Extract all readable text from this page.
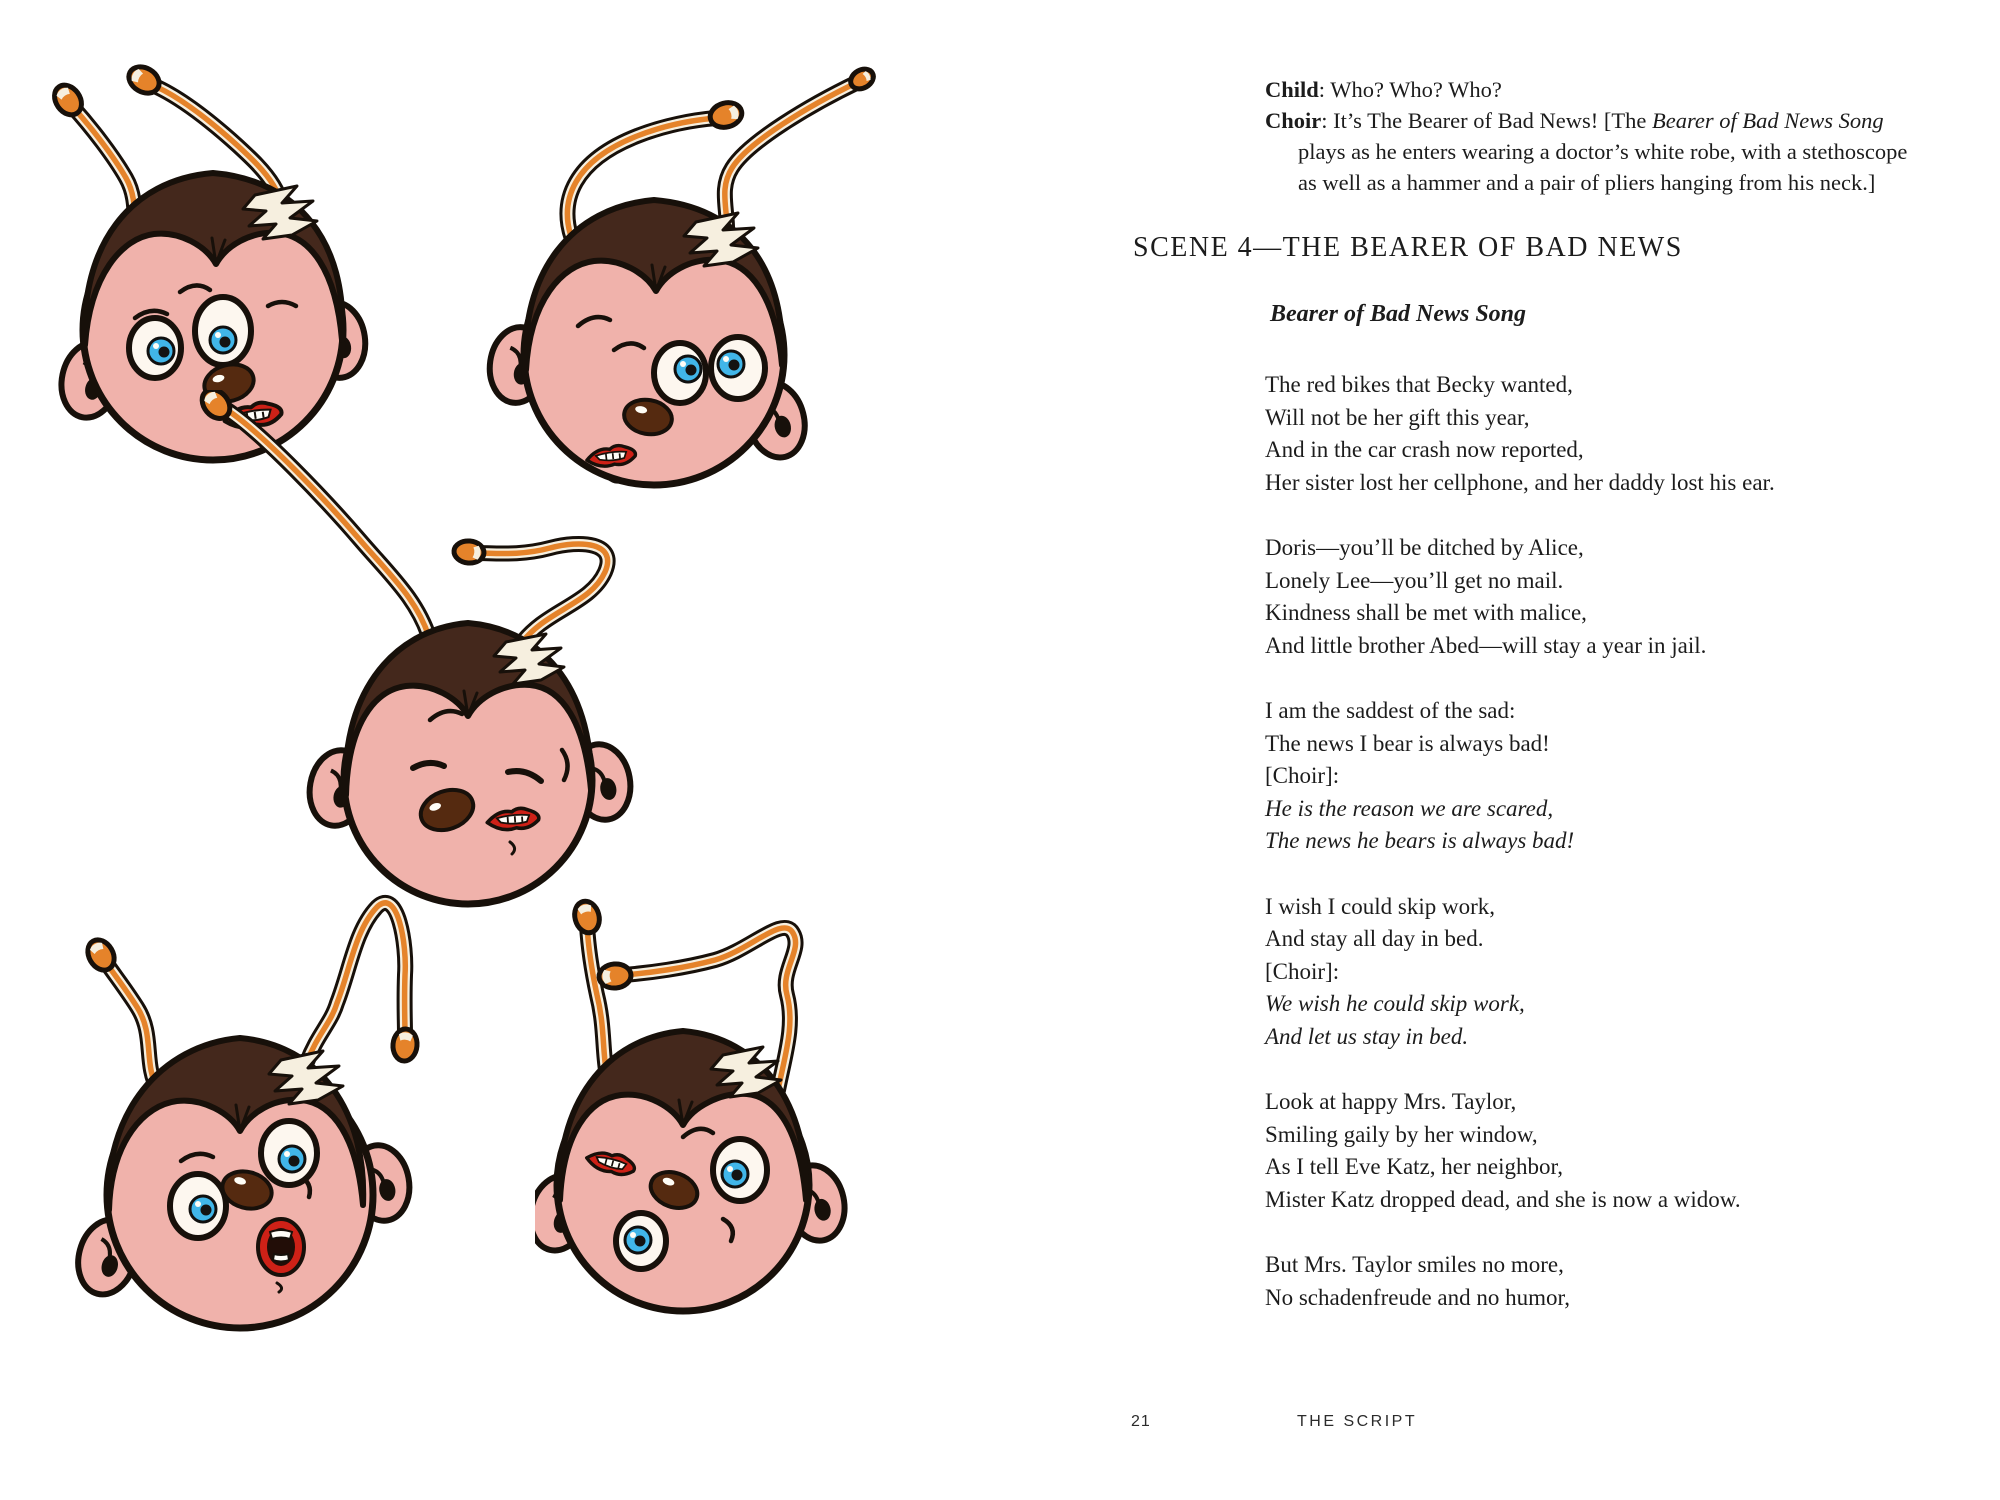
Child: Who? Who? Who?
Choir: It’s The Bearer of Bad News! [The Bearer of Bad News Song
plays as he enters wearing a doctor’s white robe, with a stethoscope
as well as a hammer and a pair of pliers hanging from his neck.]
SCENE 4—THE BEARER OF BAD NEWS
Bearer of Bad News Song
The red bikes that Becky wanted,
Will not be her gift this year,
And in the car crash now reported,
Her sister lost her cellphone, and her daddy lost his ear.
Doris—you’ll be ditched by Alice,
Lonely Lee—you’ll get no mail.
Kindness shall be met with malice,
And little brother Abed—will stay a year in jail.
I am the saddest of the sad:
The news I bear is always bad!
[Choir]:
He is the reason we are scared,
The news he bears is always bad!
I wish I could skip work,
And stay all day in bed.
[Choir]:
We wish he could skip work,
And let us stay in bed.
Look at happy Mrs. Taylor,
Smiling gaily by her window,
As I tell Eve Katz, her neighbor,
Mister Katz dropped dead, and she is now a widow.
But Mrs. Taylor smiles no more,
No schadenfreude and no humor,
21	THE SCRIPT
